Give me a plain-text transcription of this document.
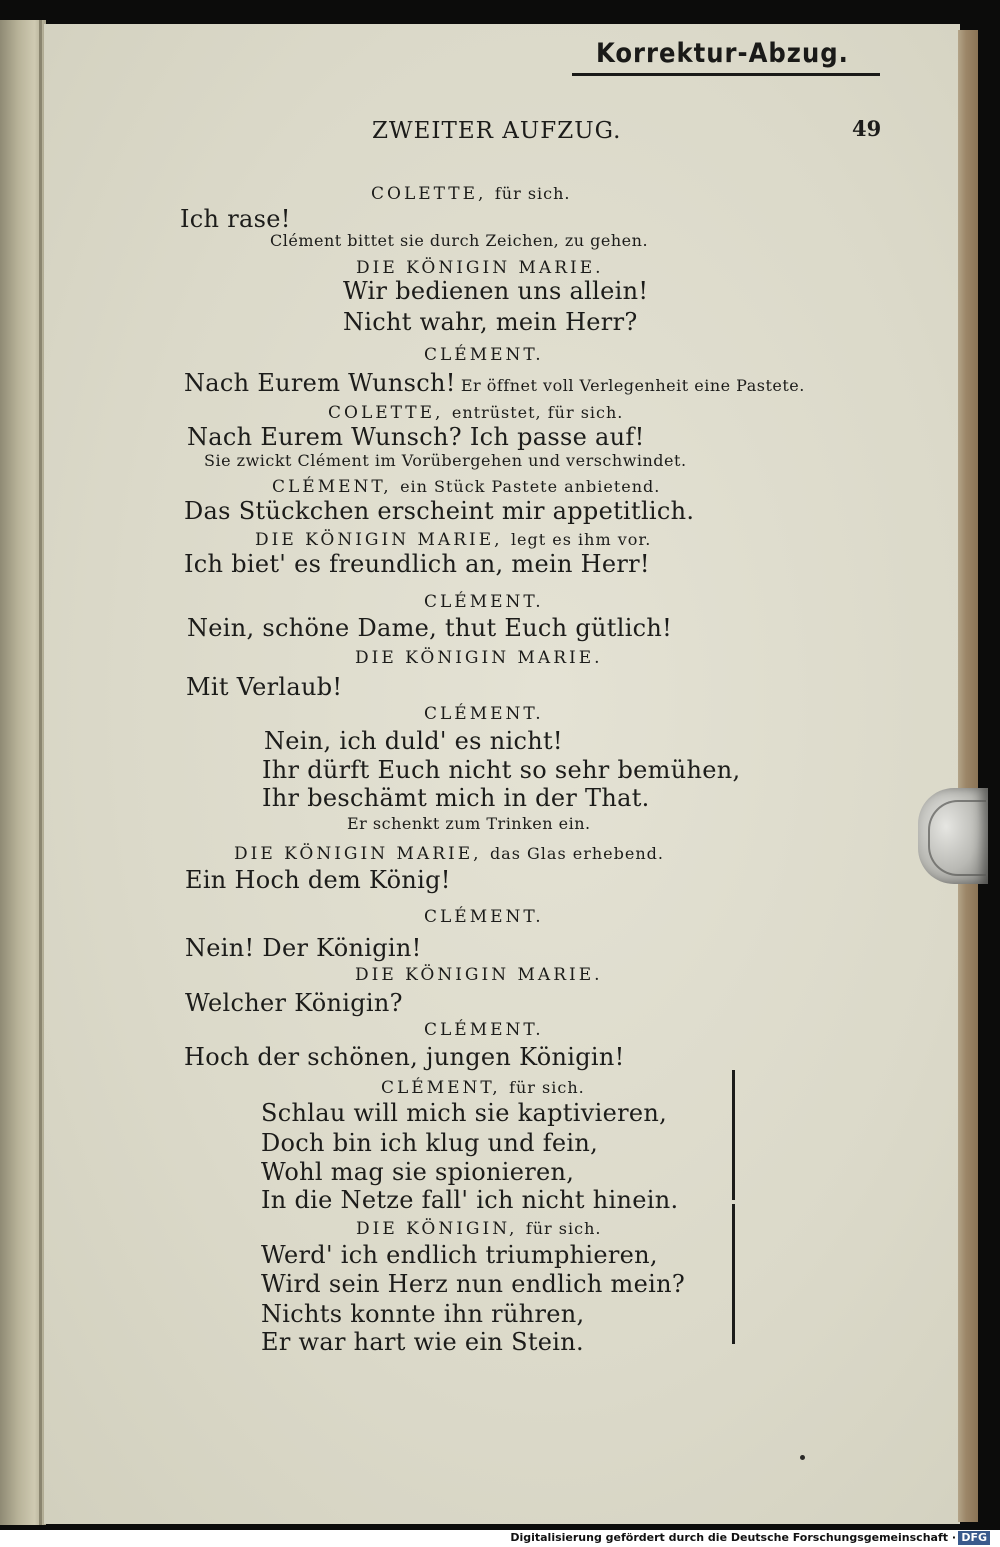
Korrektur-Abzug.
ZWEITER AUFZUG.	49
COLETTE, für sich.
Ich rase!
Clément bittet sie durch Zeichen, zu gehen.
DIE KÖNIGIN MARIE.
Wir bedienen uns allein!
Nicht wahr, mein Herr?
CLÉMENT.
Nach Eurem Wunsch! Er öffnet voll Verlegenheit eine Pastete.
COLETTE, entrüstet, für sich.
Nach Eurem Wunsch? Ich passe auf!
Sie zwickt Clément im Vorübergehen und verschwindet.
CLÉMENT, ein Stück Pastete anbietend.
Das Stückchen erscheint mir appetitlich.
DIE KÖNIGIN MARIE, legt es ihm vor.
Ich biet' es freundlich an, mein Herr!
CLÉMENT.
Nein, schöne Dame, thut Euch gütlich!
DIE KÖNIGIN MARIE.
Mit Verlaub!
CLÉMENT.
Nein, ich duld' es nicht!
Ihr dürft Euch nicht so sehr bemühen,
Ihr beschämt mich in der That.
Er schenkt zum Trinken ein.
DIE KÖNIGIN MARIE, das Glas erhebend.
Ein Hoch dem König!
CLÉMENT.
Nein! Der Königin!
DIE KÖNIGIN MARIE.
Welcher Königin?
CLÉMENT.
Hoch der schönen, jungen Königin!
CLÉMENT, für sich.
Schlau will mich sie kaptivieren,
Doch bin ich klug und fein,
Wohl mag sie spionieren,
In die Netze fall' ich nicht hinein.
DIE KÖNIGIN, für sich.
Werd' ich endlich triumphieren,
Wird sein Herz nun endlich mein?
Nichts konnte ihn rühren,
Er war hart wie ein Stein.
Digitalisierung gefördert durch die Deutsche Forschungsgemeinschaft · DFG
